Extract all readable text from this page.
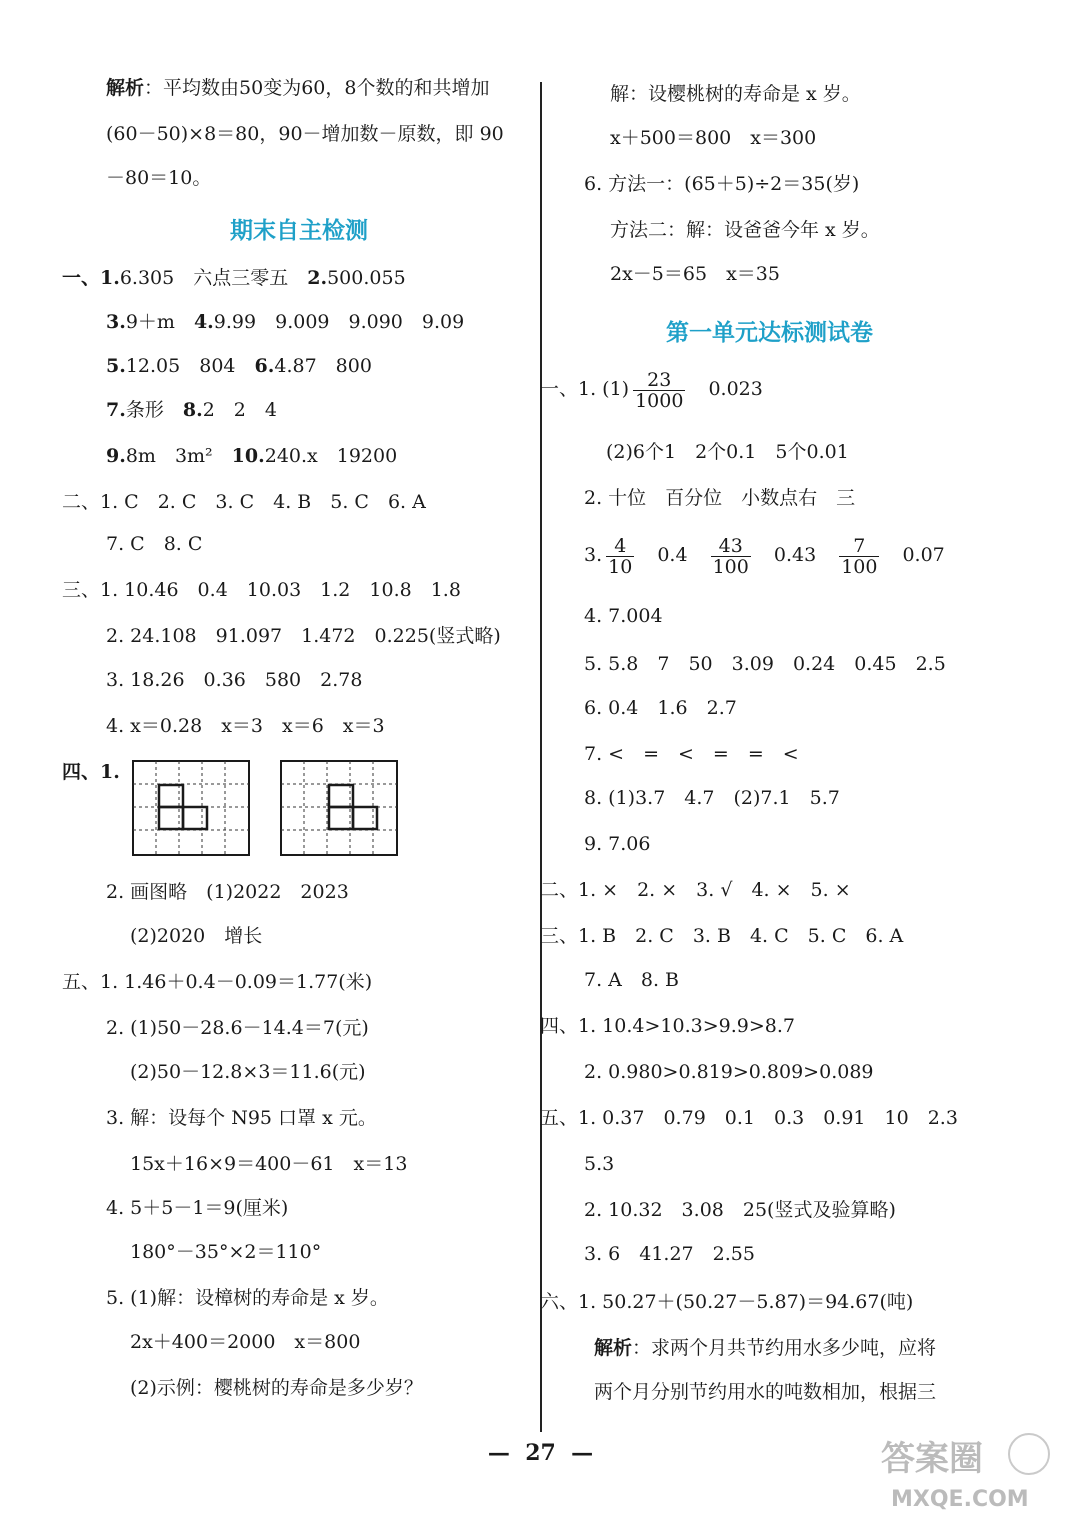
解析：平均数由50变为60，8个数的和共增加
(60－50)×8＝80，90－增加数－原数，即 90
－80＝10。
期末自主检测
一、1.6.305　六点三零五　2.500.055
3.9＋m　4.9.99　9.009　9.090　9.09
5.12.05　804　6.4.87　800
7.条形　8.2　2　4
9.8m　3m²　10.240.x　19200
二、1. C　2. C　3. C　4. B　5. C　6. A
7. C　8. C
三、1. 10.46　0.4　10.03　1.2　10.8　1.8
2. 24.108　91.097　1.472　0.225(竖式略)
3. 18.26　0.36　580　2.78
4. x＝0.28　x＝3　x＝6　x＝3
四、1.
2. 画图略　(1)2022　2023
(2)2020　增长
五、1. 1.46＋0.4－0.09＝1.77(米)
2. (1)50－28.6－14.4＝7(元)
(2)50－12.8×3＝11.6(元)
3. 解：设每个 N95 口罩 x 元。
15x＋16×9＝400－61　x＝13
4. 5＋5－1＝9(厘米)
180°－35°×2＝110°
5. (1)解：设樟树的寿命是 x 岁。
2x＋400＝2000　x＝800
(2)示例：樱桃树的寿命是多少岁？
解：设樱桃树的寿命是 x 岁。
x＋500＝800　x＝300
6. 方法一：(65＋5)÷2＝35(岁)
方法二：解：设爸爸今年 x 岁。
2x－5＝65　x＝35
第一单元达标测试卷
一、1. $(1) \frac{23}{1000}$
　 0.023
(2)6个1　2个0.1　5个0.01
2. 十位　百分位　小数点右　三
3. $\frac{4}{10}$
　 0.4　 $\frac{43}{100}$
　 0.43　 $\frac{7}{100}$
　 0.07
4. 7.004
5. 5.8　7　50　3.09　0.24　0.45　2.5
6. 0.4　1.6　2.7
7. <　=　<　=　=　<
8. (1)3.7　4.7　(2)7.1　5.7
9. 7.06
二、1. ×　2. ×　3. √　4. ×　5. ×
三、1. B　2. C　3. B　4. C　5. C　6. A
7. A　8. B
四、1. 10.4>10.3>9.9>8.7
2. 0.980>0.819>0.809>0.089
五、1. 0.37　0.79　0.1　0.3　0.91　10　2.3
5.3
2. 10.32　3.08　25(竖式及验算略)
3. 6　41.27　2.55
六、1. 50.27＋(50.27－5.87)＝94.67(吨)
解析：求两个月共节约用水多少吨，应将
两个月分别节约用水的吨数相加，根据三
—  27  —	答案圈
MXQE.COM
